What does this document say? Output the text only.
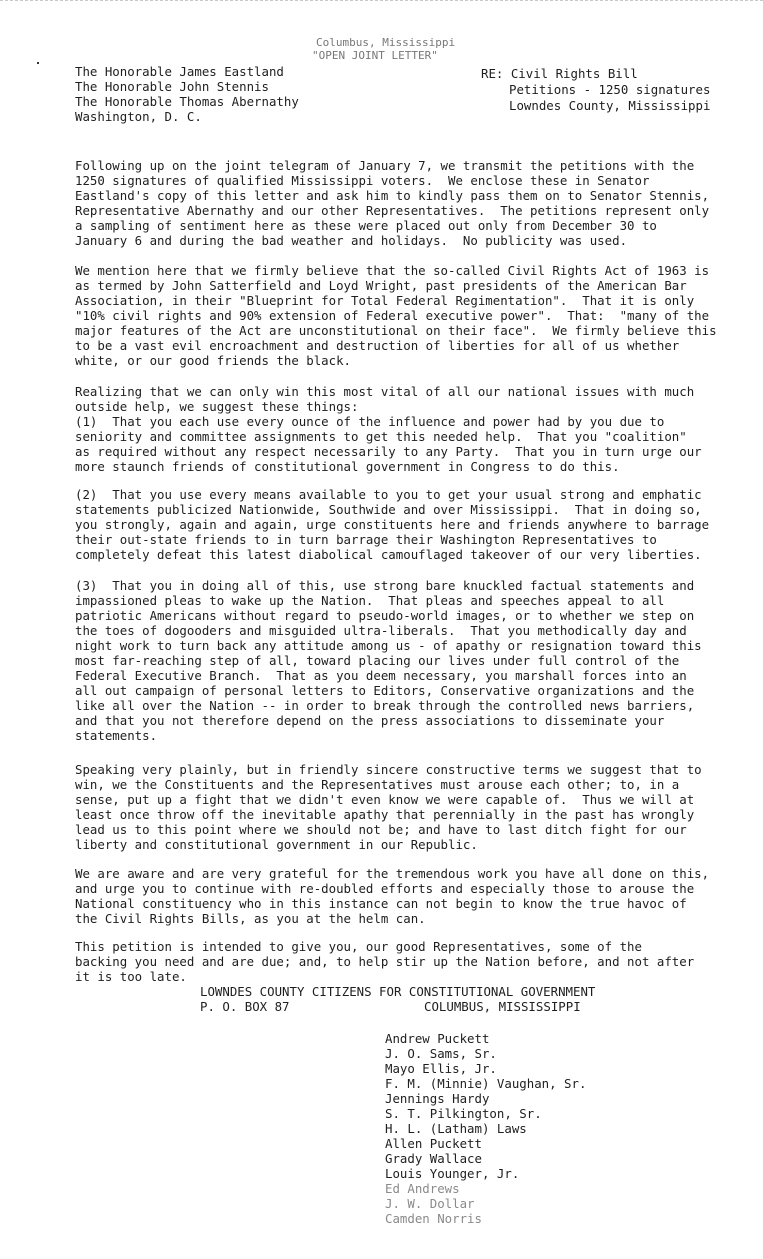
Columbus, Mississippi
"OPEN JOINT LETTER"
The Honorable James Eastland
The Honorable John Stennis
The Honorable Thomas Abernathy
Washington, D. C.
RE: Civil Rights Bill
Petitions - 1250 signatures
Lowndes County, Mississippi
Following up on the joint telegram of January 7, we transmit the petitions with the
1250 signatures of qualified Mississippi voters.  We enclose these in Senator
Eastland's copy of this letter and ask him to kindly pass them on to Senator Stennis,
Representative Abernathy and our other Representatives.  The petitions represent only
a sampling of sentiment here as these were placed out only from December 30 to
January 6 and during the bad weather and holidays.  No publicity was used.
We mention here that we firmly believe that the so-called Civil Rights Act of 1963 is
as termed by John Satterfield and Loyd Wright, past presidents of the American Bar
Association, in their "Blueprint for Total Federal Regimentation".  That it is only
"10% civil rights and 90% extension of Federal executive power".  That:  "many of the
major features of the Act are unconstitutional on their face".  We firmly believe this
to be a vast evil encroachment and destruction of liberties for all of us whether
white, or our good friends the black.
Realizing that we can only win this most vital of all our national issues with much
outside help, we suggest these things:
(1)  That you each use every ounce of the influence and power had by you due to
seniority and committee assignments to get this needed help.  That you "coalition"
as required without any respect necessarily to any Party.  That you in turn urge our
more staunch friends of constitutional government in Congress to do this.
(2)  That you use every means available to you to get your usual strong and emphatic
statements publicized Nationwide, Southwide and over Mississippi.  That in doing so,
you strongly, again and again, urge constituents here and friends anywhere to barrage
their out-state friends to in turn barrage their Washington Representatives to
completely defeat this latest diabolical camouflaged takeover of our very liberties.
(3)  That you in doing all of this, use strong bare knuckled factual statements and
impassioned pleas to wake up the Nation.  That pleas and speeches appeal to all
patriotic Americans without regard to pseudo-world images, or to whether we step on
the toes of dogooders and misguided ultra-liberals.  That you methodically day and
night work to turn back any attitude among us - of apathy or resignation toward this
most far-reaching step of all, toward placing our lives under full control of the
Federal Executive Branch.  That as you deem necessary, you marshall forces into an
all out campaign of personal letters to Editors, Conservative organizations and the
like all over the Nation -- in order to break through the controlled news barriers,
and that you not therefore depend on the press associations to disseminate your
statements.
Speaking very plainly, but in friendly sincere constructive terms we suggest that to
win, we the Constituents and the Representatives must arouse each other; to, in a
sense, put up a fight that we didn't even know we were capable of.  Thus we will at
least once throw off the inevitable apathy that perennially in the past has wrongly
lead us to this point where we should not be; and have to last ditch fight for our
liberty and constitutional government in our Republic.
We are aware and are very grateful for the tremendous work you have all done on this,
and urge you to continue with re-doubled efforts and especially those to arouse the
National constituency who in this instance can not begin to know the true havoc of
the Civil Rights Bills, as you at the helm can.
This petition is intended to give you, our good Representatives, some of the
backing you need and are due; and, to help stir up the Nation before, and not after
it is too late.
LOWNDES COUNTY CITIZENS FOR CONSTITUTIONAL GOVERNMENT
P. O. BOX 87	COLUMBUS, MISSISSIPPI
Andrew Puckett
J. O. Sams, Sr.
Mayo Ellis, Jr.
F. M. (Minnie) Vaughan, Sr.
Jennings Hardy
S. T. Pilkington, Sr.
H. L. (Latham) Laws
Allen Puckett
Grady Wallace
Louis Younger, Jr.
Ed Andrews
J. W. Dollar
Camden Norris
